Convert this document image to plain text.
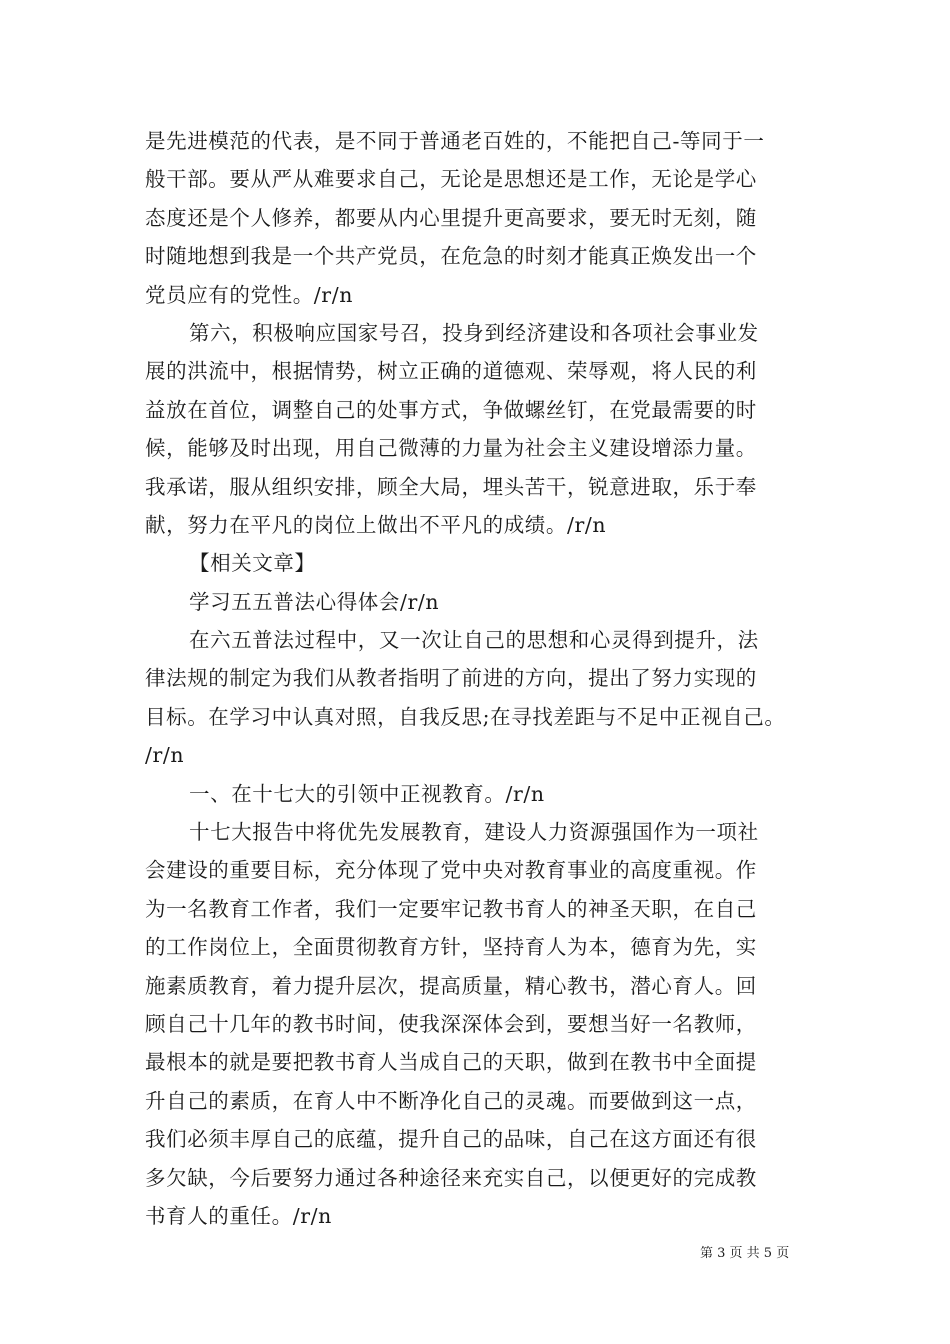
是先进模范的代表，是不同于普通老百姓的，不能把自己-等同于一
般干部。要从严从难要求自己，无论是思想还是工作，无论是学心
态度还是个人修养，都要从内心里提升更高要求，要无时无刻，随
时随地想到我是一个共产党员，在危急的时刻才能真正焕发出一个
党员应有的党性。/r/n
第六，积极响应国家号召，投身到经济建设和各项社会事业发
展的洪流中，根据情势，树立正确的道德观、荣辱观，将人民的利
益放在首位，调整自己的处事方式，争做螺丝钉，在党最需要的时
候，能够及时出现，用自己微薄的力量为社会主义建设增添力量。
我承诺，服从组织安排，顾全大局，埋头苦干，锐意进取，乐于奉
献，努力在平凡的岗位上做出不平凡的成绩。/r/n
【相关文章】
学习五五普法心得体会/r/n
在六五普法过程中，又一次让自己的思想和心灵得到提升，法
律法规的制定为我们从教者指明了前进的方向，提出了努力实现的
目标。在学习中认真对照，自我反思;在寻找差距与不足中正视自己。
/r/n
一、在十七大的引领中正视教育。/r/n
十七大报告中将优先发展教育，建设人力资源强国作为一项社
会建设的重要目标，充分体现了党中央对教育事业的高度重视。作
为一名教育工作者，我们一定要牢记教书育人的神圣天职，在自己
的工作岗位上，全面贯彻教育方针，坚持育人为本，德育为先，实
施素质教育，着力提升层次，提高质量，精心教书，潜心育人。回
顾自己十几年的教书时间，使我深深体会到，要想当好一名教师，
最根本的就是要把教书育人当成自己的天职，做到在教书中全面提
升自己的素质，在育人中不断净化自己的灵魂。而要做到这一点，
我们必须丰厚自己的底蕴，提升自己的品味，自己在这方面还有很
多欠缺，今后要努力通过各种途径来充实自己，以便更好的完成教
书育人的重任。/r/n
第 3 页 共 5 页
